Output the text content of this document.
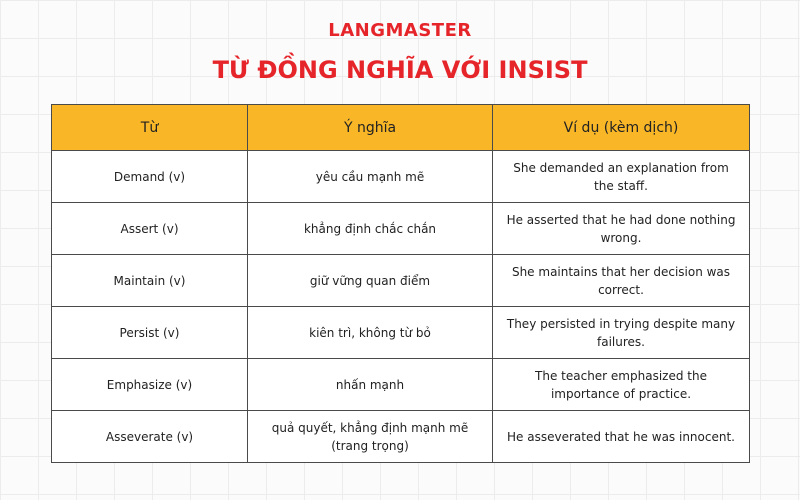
LANGMASTER
TỪ ĐỒNG NGHĨA VỚI INSIST
Từ	Ý nghĩa	Ví dụ (kèm dịch)
Demand (v)	yêu cầu mạnh mẽ	She demanded an explanation from the staff.
Assert (v)	khẳng định chắc chắn	He asserted that he had done nothing wrong.
Maintain (v)	giữ vững quan điểm	She maintains that her decision was correct.
Persist (v)	kiên trì, không từ bỏ	They persisted in trying despite many failures.
Emphasize (v)	nhấn mạnh	The teacher emphasized the importance of practice.
Asseverate (v)	quả quyết, khẳng định mạnh mẽ (trang trọng)	He asseverated that he was innocent.
